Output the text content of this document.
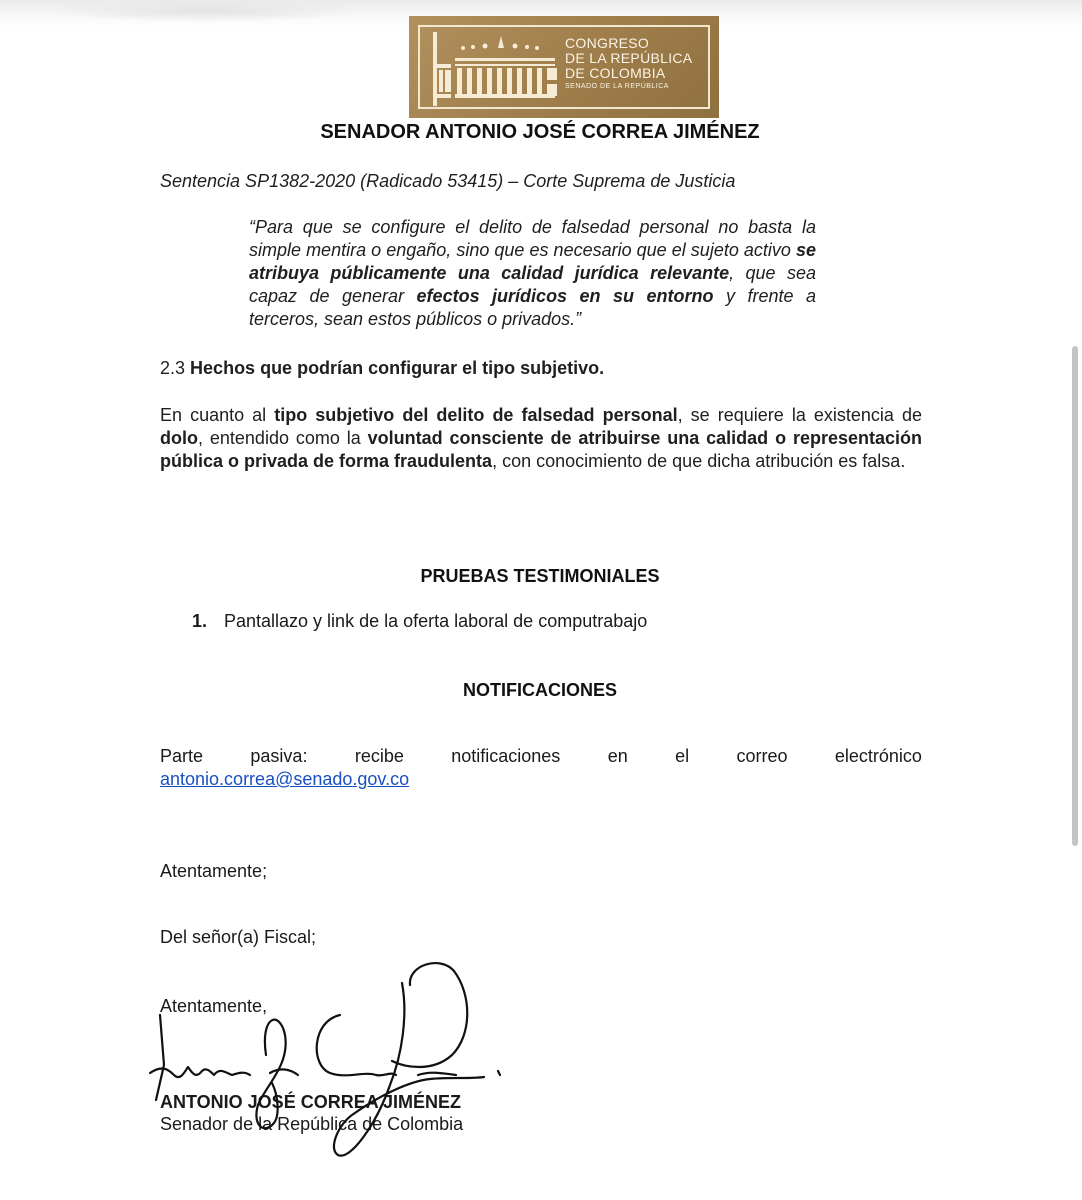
CONGRESO
DE LA REPÚBLICA
DE COLOMBIA
SENADO DE LA REPÚBLICA
SENADOR ANTONIO JOSÉ CORREA JIMÉNEZ
Sentencia SP1382-2020 (Radicado 53415) – Corte Suprema de Justicia
“Para que se configure el delito de falsedad personal no basta la simple mentira o engaño, sino que es necesario que el sujeto activo se atribuya públicamente una calidad jurídica relevante, que sea capaz de generar efectos jurídicos en su entorno y frente a terceros, sean estos públicos o privados.”
2.3 Hechos que podrían configurar el tipo subjetivo.
En cuanto al tipo subjetivo del delito de falsedad personal, se requiere la existencia de dolo, entendido como la voluntad consciente de atribuirse una calidad o representación pública o privada de forma fraudulenta, con conocimiento de que dicha atribución es falsa.
PRUEBAS TESTIMONIALES
1. Pantallazo y link de la oferta laboral de computrabajo
NOTIFICACIONES
Parte	pasiva:	recibe	notificaciones	en	el	correo	electrónico
antonio.correa@senado.gov.co
Atentamente;
Del señor(a) Fiscal;
Atentamente,
ANTONIO JOSÉ CORREA JIMÉNEZ
Senador de la República de Colombia
